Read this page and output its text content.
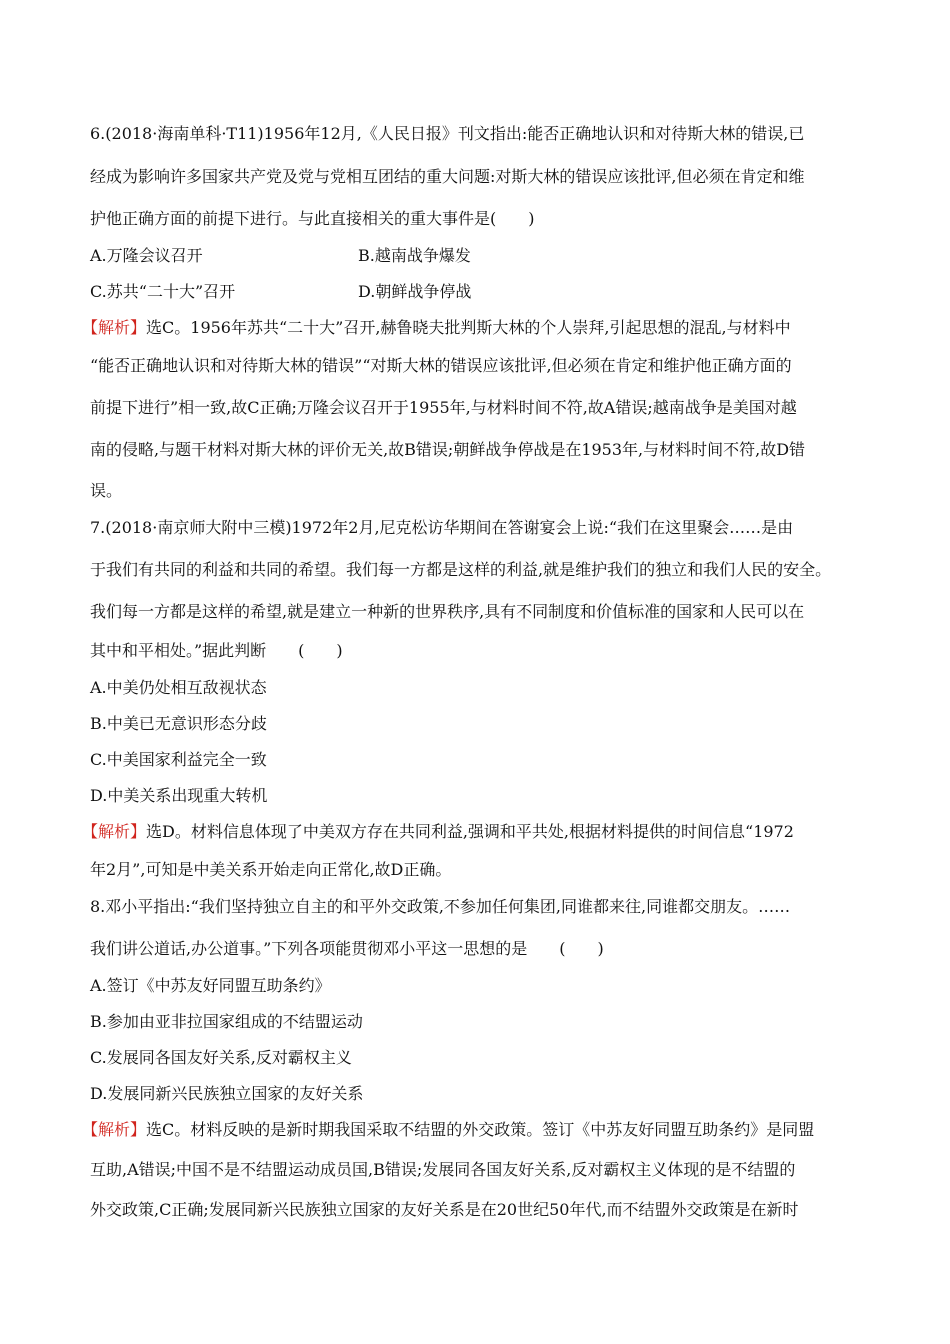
6.(2018·海南单科·T11)1956年12月,《人民日报》刊文指出:能否正确地认识和对待斯大林的错误,已
经成为影响许多国家共产党及党与党相互团结的重大问题:对斯大林的错误应该批评,但必须在肯定和维
护他正确方面的前提下进行。与此直接相关的重大事件是(　　)
A.万隆会议召开	B.越南战争爆发
C.苏共“二十大”召开	D.朝鲜战争停战
【解析】选C。1956年苏共“二十大”召开,赫鲁晓夫批判斯大林的个人崇拜,引起思想的混乱,与材料中
“能否正确地认识和对待斯大林的错误”“对斯大林的错误应该批评,但必须在肯定和维护他正确方面的
前提下进行”相一致,故C正确;万隆会议召开于1955年,与材料时间不符,故A错误;越南战争是美国对越
南的侵略,与题干材料对斯大林的评价无关,故B错误;朝鲜战争停战是在1953年,与材料时间不符,故D错
误。
7.(2018·南京师大附中三模)1972年2月,尼克松访华期间在答谢宴会上说:“我们在这里聚会……是由
于我们有共同的利益和共同的希望。我们每一方都是这样的利益,就是维护我们的独立和我们人民的安全。
我们每一方都是这样的希望,就是建立一种新的世界秩序,具有不同制度和价值标准的国家和人民可以在
其中和平相处。”据此判断　　(　　)
A.中美仍处相互敌视状态
B.中美已无意识形态分歧
C.中美国家利益完全一致
D.中美关系出现重大转机
【解析】选D。材料信息体现了中美双方存在共同利益,强调和平共处,根据材料提供的时间信息“1972
年2月”,可知是中美关系开始走向正常化,故D正确。
8.邓小平指出:“我们坚持独立自主的和平外交政策,不参加任何集团,同谁都来往,同谁都交朋友。……
我们讲公道话,办公道事。”下列各项能贯彻邓小平这一思想的是　　(　　)
A.签订《中苏友好同盟互助条约》
B.参加由亚非拉国家组成的不结盟运动
C.发展同各国友好关系,反对霸权主义
D.发展同新兴民族独立国家的友好关系
【解析】选C。材料反映的是新时期我国采取不结盟的外交政策。签订《中苏友好同盟互助条约》是同盟
互助,A错误;中国不是不结盟运动成员国,B错误;发展同各国友好关系,反对霸权主义体现的是不结盟的
外交政策,C正确;发展同新兴民族独立国家的友好关系是在20世纪50年代,而不结盟外交政策是在新时
